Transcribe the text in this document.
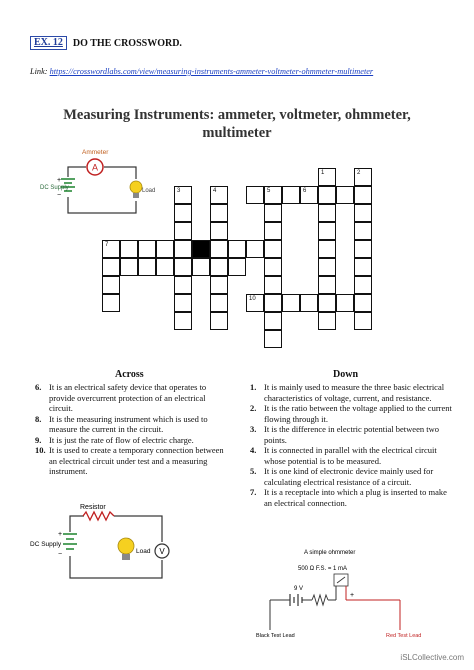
EX. 12	DO THE CROSSWORD.
Link: https://crosswordlabs.com/view/measuring-instruments-ammeter-voltmeter-ohmmeter-multimeter
Measuring Instruments: ammeter, voltmeter, ohmmeter, multimeter
A
Ammeter
+
−
DC Supply	Load
1	2
3	4	5	6
7
10
Across	Down
6. It is an electrical safety device that operates to provide overcurrent protection of an electrical circuit.
8. It is the measuring instrument which is used to measure the current in the circuit.
9. It is just the rate of flow of electric charge.
10. It is used to create a temporary connection between an electrical circuit under test and a measuring instrument.
1. It is mainly used to measure the three basic electrical characteristics of voltage, current, and resistance.
2. It is the ratio between the voltage applied to the current flowing through it.
3. It is the difference in electric potential between two points.
4. It is connected in parallel with the electrical circuit whose potential is to be measured.
5. It is one kind of electronic device mainly used for calculating electrical resistance of a circuit.
7. It is a receptacle into which a plug is inserted to make an electrical connection.
Resistor
+
−
DC Supply
Load V	A simple ohmmeter
500 Ω F.S. = 1 mA
9 V
+
Black Test Lead	Red Test Lead
iSLCollective.com
